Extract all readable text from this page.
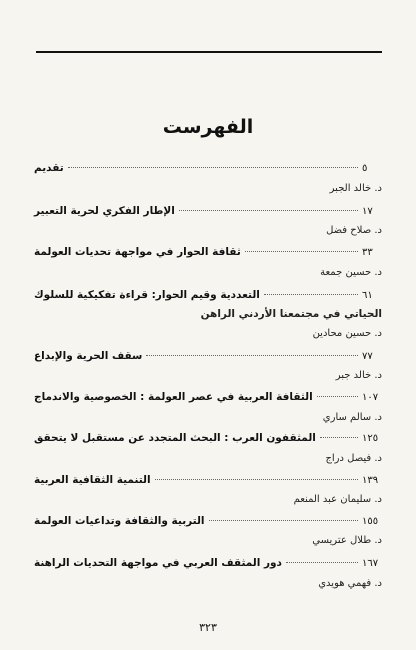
الفهرست
تقديم	٥
د. خالد الجبر
الإطار الفكري لحرية التعبير	١٧
د. صلاح فضل
ثقافة الحوار في مواجهة تحديات العولمة	٣٣
د. حسين جمعة
التعددية وقيم الحوار: قراءة تفكيكية للسلوك	٦١
الحياتي في مجتمعنا الأردني الراهن
د. حسين محادين
سقف الحرية والإبداع	٧٧
د. خالد جبر
الثقافة العربية في عصر العولمة : الخصوصية والاندماج	١٠٧
د. سالم ساري
المثقفون العرب : البحث المتجدد عن مستقبل لا يتحقق	١٢٥
د. فيصل دراج
التنمية الثقافية العربية	١٣٩
د. سليمان عبد المنعم
التربية والثقافة وتداعيات العولمة	١٥٥
د. طلال عتريسي
دور المثقف العربي في مواجهة التحديات الراهنة	١٦٧
د. فهمي هويدي
٣٢٣
